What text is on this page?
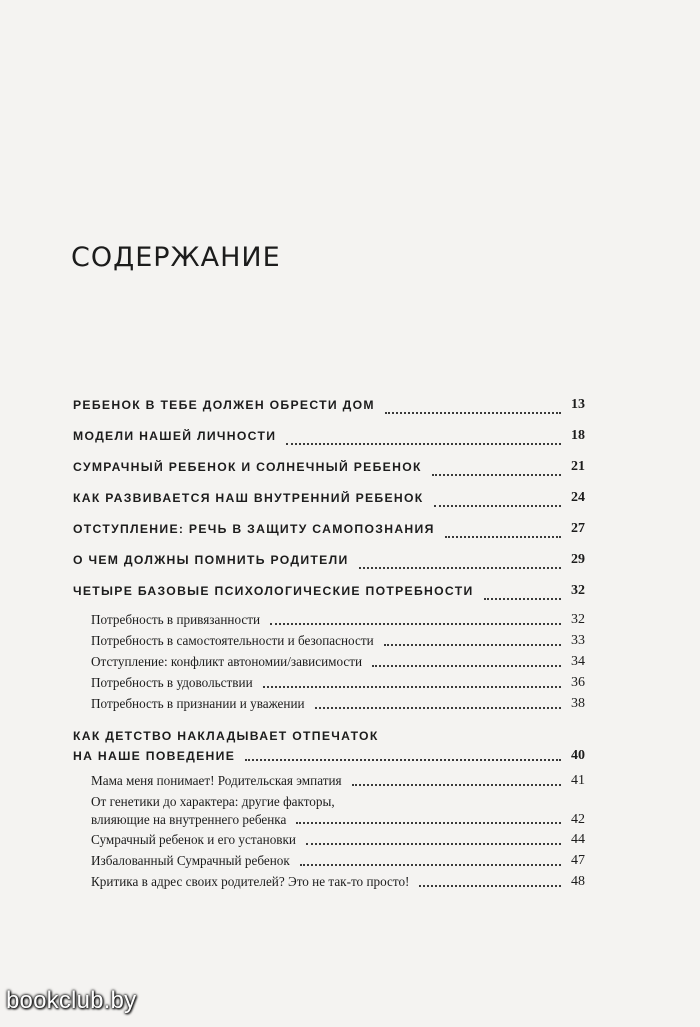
СОДЕРЖАНИЕ
РЕБЕНОК В ТЕБЕ ДОЛЖЕН ОБРЕСТИ ДОМ	13
МОДЕЛИ НАШЕЙ ЛИЧНОСТИ	18
СУМРАЧНЫЙ РЕБЕНОК И СОЛНЕЧНЫЙ РЕБЕНОК	21
КАК РАЗВИВАЕТСЯ НАШ ВНУТРЕННИЙ РЕБЕНОК	24
ОТСТУПЛЕНИЕ: РЕЧЬ В ЗАЩИТУ САМОПОЗНАНИЯ	27
О ЧЕМ ДОЛЖНЫ ПОМНИТЬ РОДИТЕЛИ	29
ЧЕТЫРЕ БАЗОВЫЕ ПСИХОЛОГИЧЕСКИЕ ПОТРЕБНОСТИ	32
Потребность в привязанности	32
Потребность в самостоятельности и безопасности	33
Отступление: конфликт автономии/зависимости	34
Потребность в удовольствии	36
Потребность в признании и уважении	38
КАК ДЕТСТВО НАКЛАДЫВАЕТ ОТПЕЧАТОК
НА НАШЕ ПОВЕДЕНИЕ	40
Мама меня понимает! Родительская эмпатия	41
От генетики до характера: другие факторы,
влияющие на внутреннего ребенка	42
Сумрачный ребенок и его установки	44
Избалованный Сумрачный ребенок	47
Критика в адрес своих родителей? Это не так-то просто!	48
bookclub.by
